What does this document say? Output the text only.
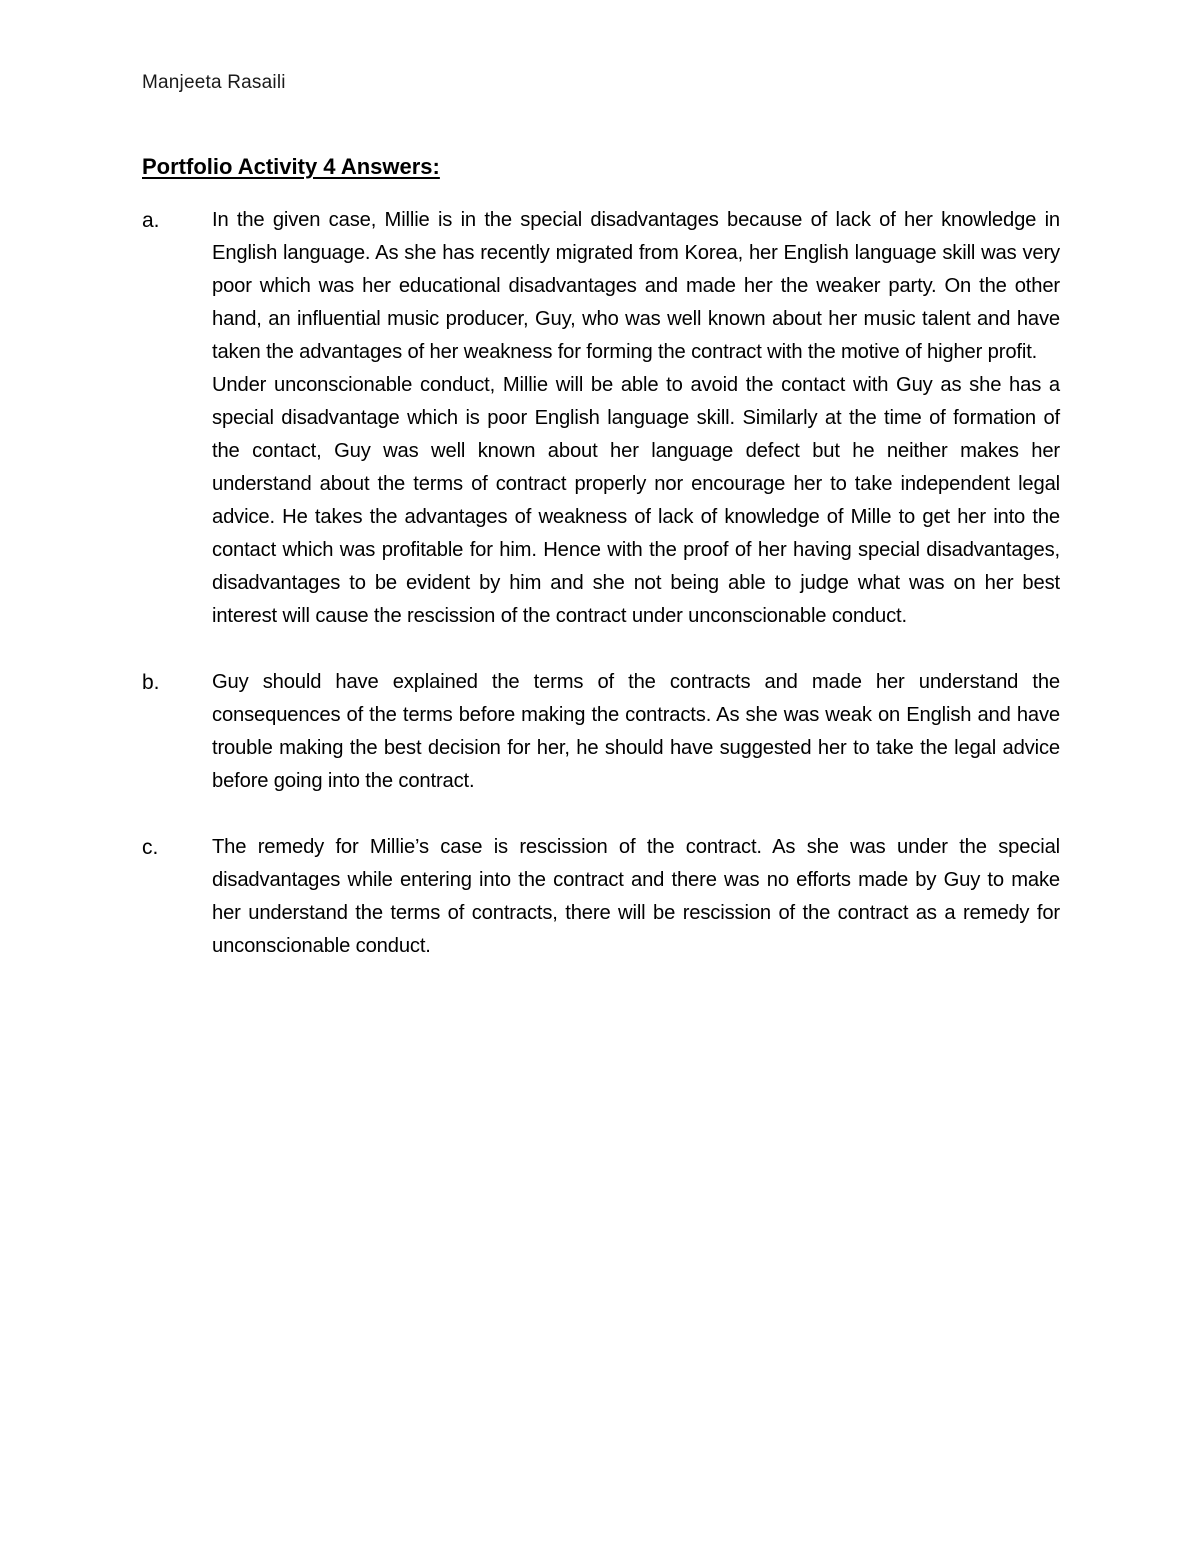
Manjeeta Rasaili
Portfolio Activity 4 Answers:
a.	In the given case, Millie is in the special disadvantages because of lack of her knowledge in English language. As she has recently migrated from Korea, her English language skill was very poor which was her educational disadvantages and made her the weaker party. On the other hand, an influential music producer, Guy, who was well known about her music talent and have taken the advantages of her weakness for forming the contract with the motive of higher profit.

Under unconscionable conduct, Millie will be able to avoid the contact with Guy as she has a special disadvantage which is poor English language skill. Similarly at the time of formation of the contact, Guy was well known about her language defect but he neither makes her understand about the terms of contract properly nor encourage her to take independent legal advice. He takes the advantages of weakness of lack of knowledge of Mille to get her into the contact which was profitable for him. Hence with the proof of her having special disadvantages, disadvantages to be evident by him and she not being able to judge what was on her best interest will cause the rescission of the contract under unconscionable conduct.

b.	Guy should have explained the terms of the contracts and made her understand the consequences of the terms before making the contracts. As she was weak on English and have trouble making the best decision for her, he should have suggested her to take the legal advice before going into the contract.

c.	The remedy for Millie’s case is rescission of the contract. As she was under the special disadvantages while entering into the contract and there was no efforts made by Guy to make her understand the terms of contracts, there will be rescission of the contract as a remedy for unconscionable conduct.
